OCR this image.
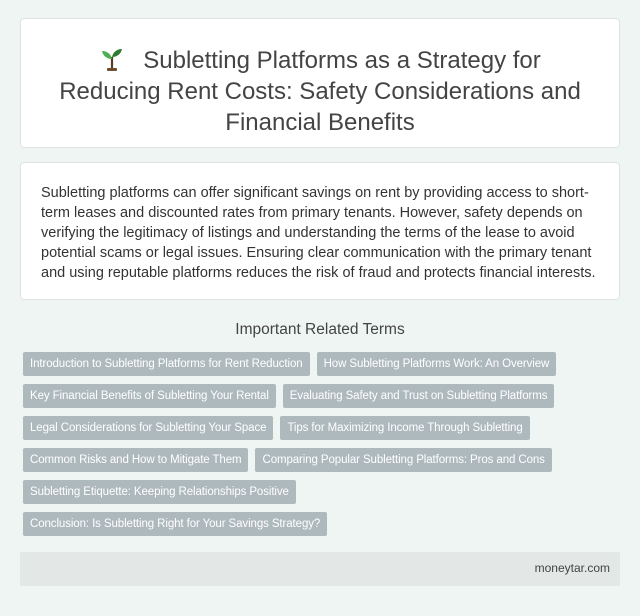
Subletting Platforms as a Strategy for Reducing Rent Costs: Safety Considerations and Financial Benefits

Subletting platforms can offer significant savings on rent by providing access to short-term leases and discounted rates from primary tenants. However, safety depends on verifying the legitimacy of listings and understanding the terms of the lease to avoid potential scams or legal issues. Ensuring clear communication with the primary tenant and using reputable platforms reduces the risk of fraud and protects financial interests.

Important Related Terms
Introduction to Subletting Platforms for Rent Reduction How Subletting Platforms Work: An Overview
Key Financial Benefits of Subletting Your Rental Evaluating Safety and Trust on Subletting Platforms
Legal Considerations for Subletting Your Space Tips for Maximizing Income Through Subletting
Common Risks and How to Mitigate Them Comparing Popular Subletting Platforms: Pros and Cons
Subletting Etiquette: Keeping Relationships Positive
Conclusion: Is Subletting Right for Your Savings Strategy?
moneytar.com
